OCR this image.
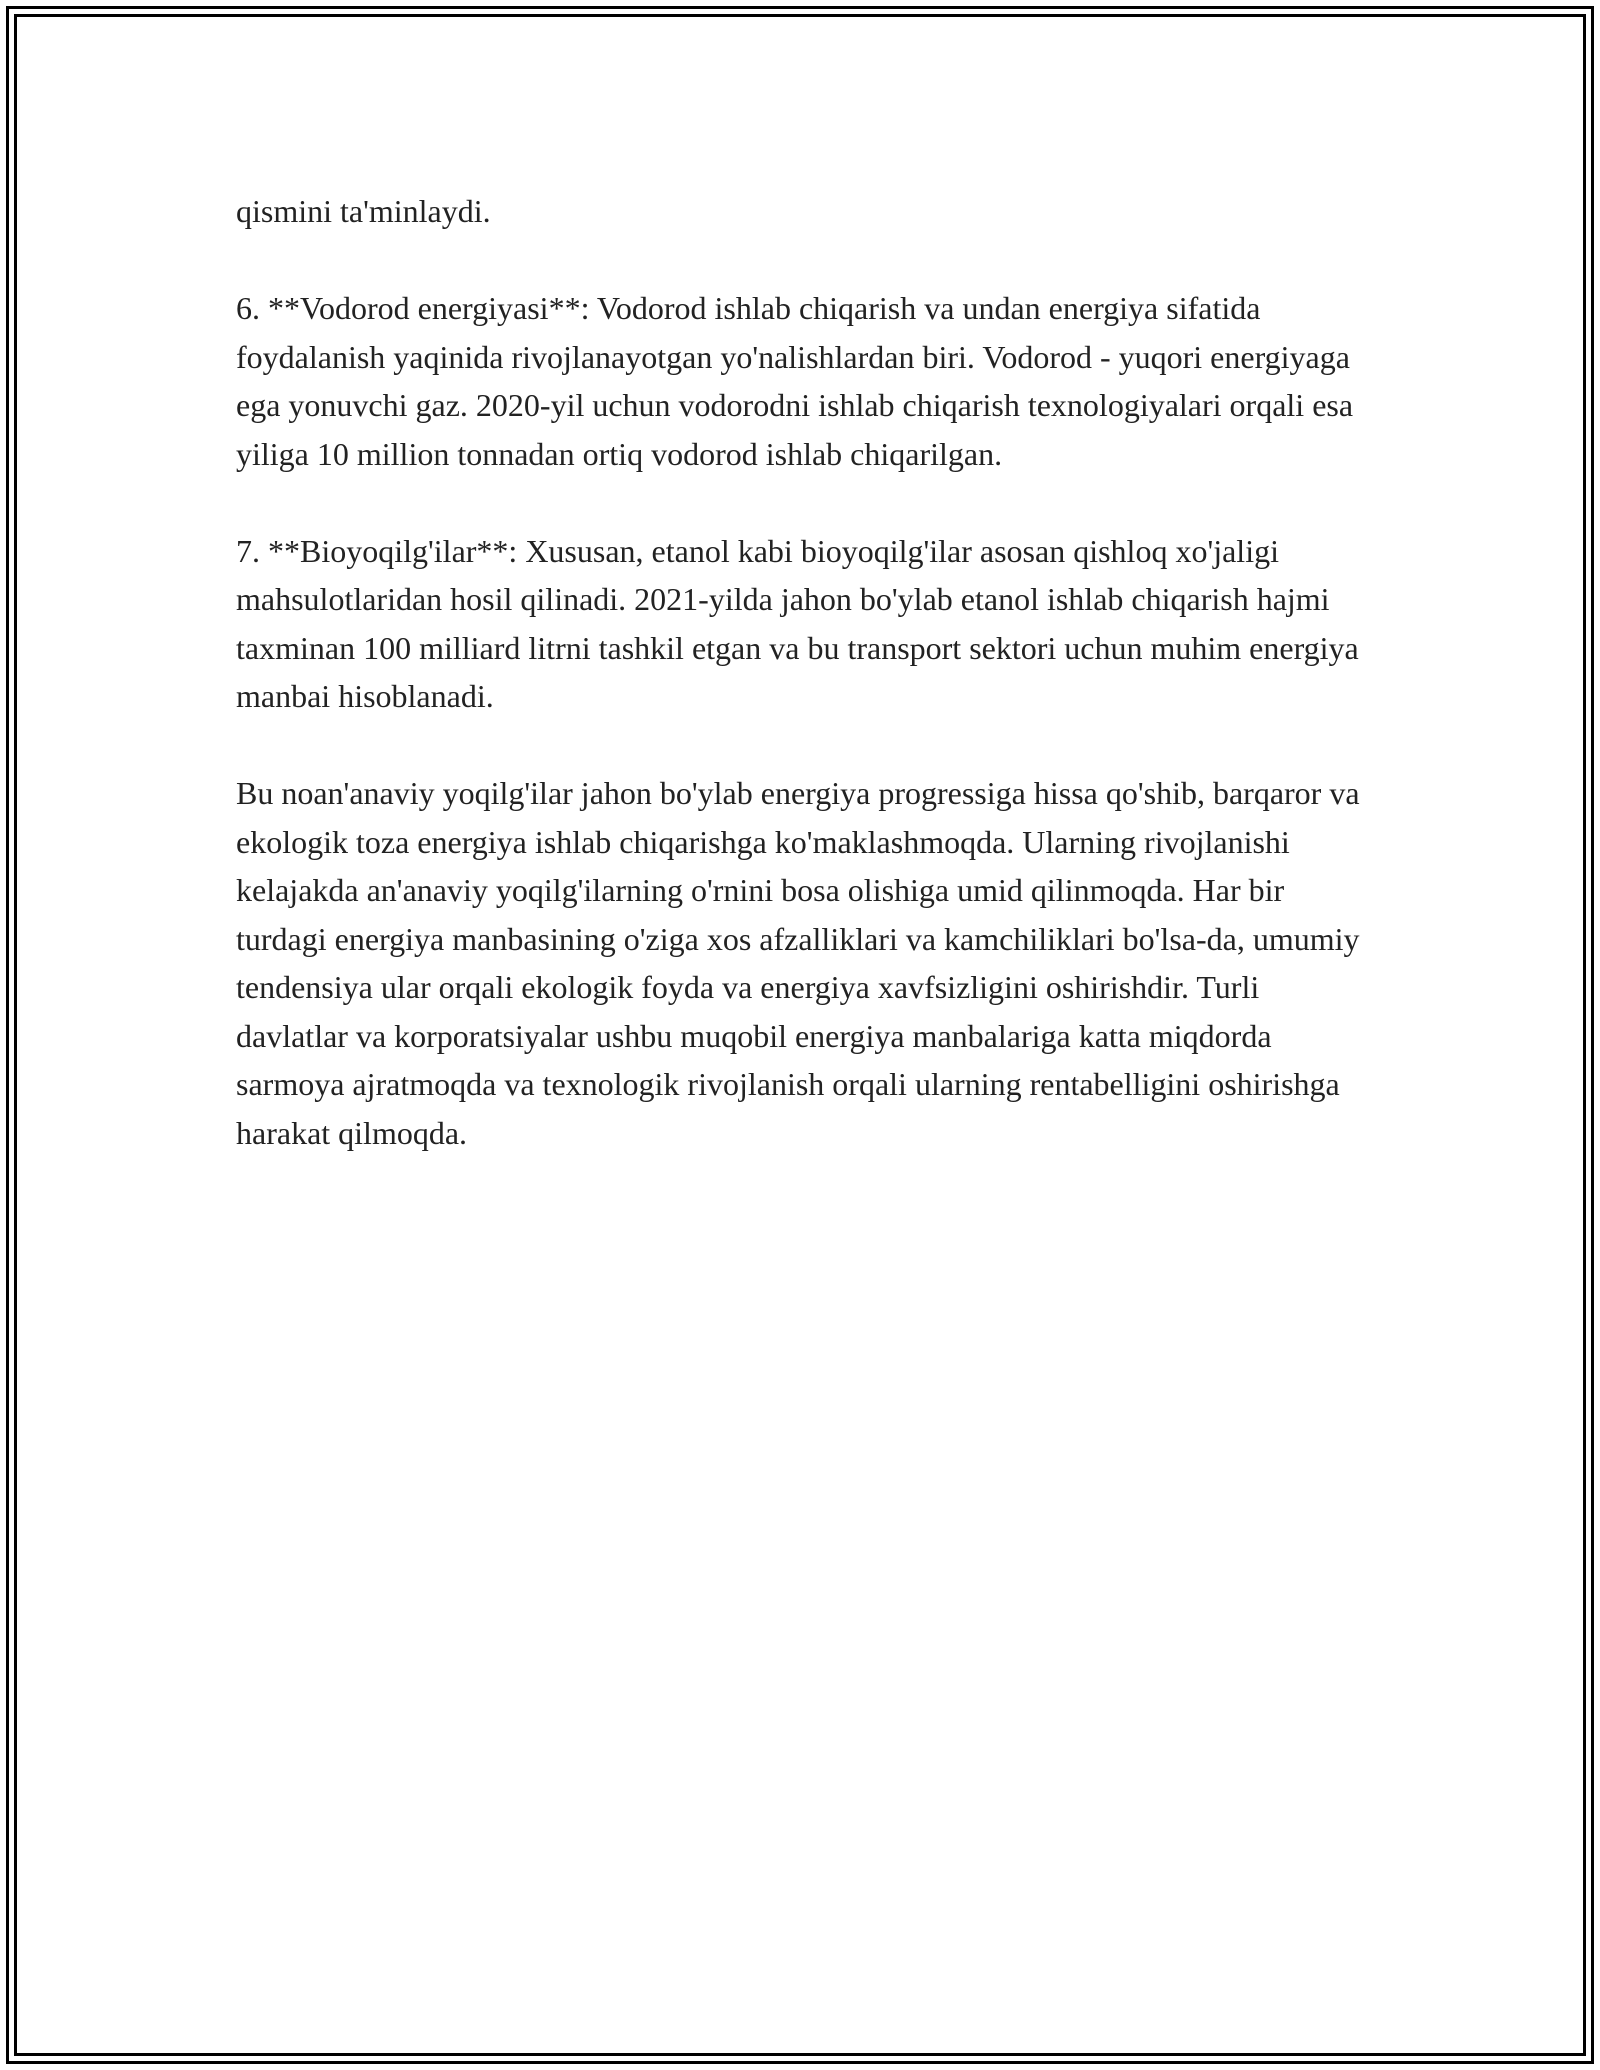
qismini ta'minlaydi.

6. **Vodorod energiyasi**: Vodorod ishlab chiqarish va undan energiya sifatida foydalanish yaqinida rivojlanayotgan yo'nalishlardan biri. Vodorod - yuqori energiyaga ega yonuvchi gaz. 2020-yil uchun vodorodni ishlab chiqarish texnologiyalari orqali esa yiliga 10 million tonnadan ortiq vodorod ishlab chiqarilgan.

7. **Bioyoqilg'ilar**: Xususan, etanol kabi bioyoqilg'ilar asosan qishloq xo'jaligi mahsulotlaridan hosil qilinadi. 2021-yilda jahon bo'ylab etanol ishlab chiqarish hajmi taxminan 100 milliard litrni tashkil etgan va bu transport sektori uchun muhim energiya manbai hisoblanadi.

Bu noan'anaviy yoqilg'ilar jahon bo'ylab energiya progressiga hissa qo'shib, barqaror va ekologik toza energiya ishlab chiqarishga ko'maklashmoqda. Ularning rivojlanishi kelajakda an'anaviy yoqilg'ilarning o'rnini bosa olishiga umid qilinmoqda. Har bir turdagi energiya manbasining o'ziga xos afzalliklari va kamchiliklari bo'lsa-da, umumiy tendensiya ular orqali ekologik foyda va energiya xavfsizligini oshirishdir. Turli davlatlar va korporatsiyalar ushbu muqobil energiya manbalariga katta miqdorda sarmoya ajratmoqda va texnologik rivojlanish orqali ularning rentabelligini oshirishga harakat qilmoqda.
